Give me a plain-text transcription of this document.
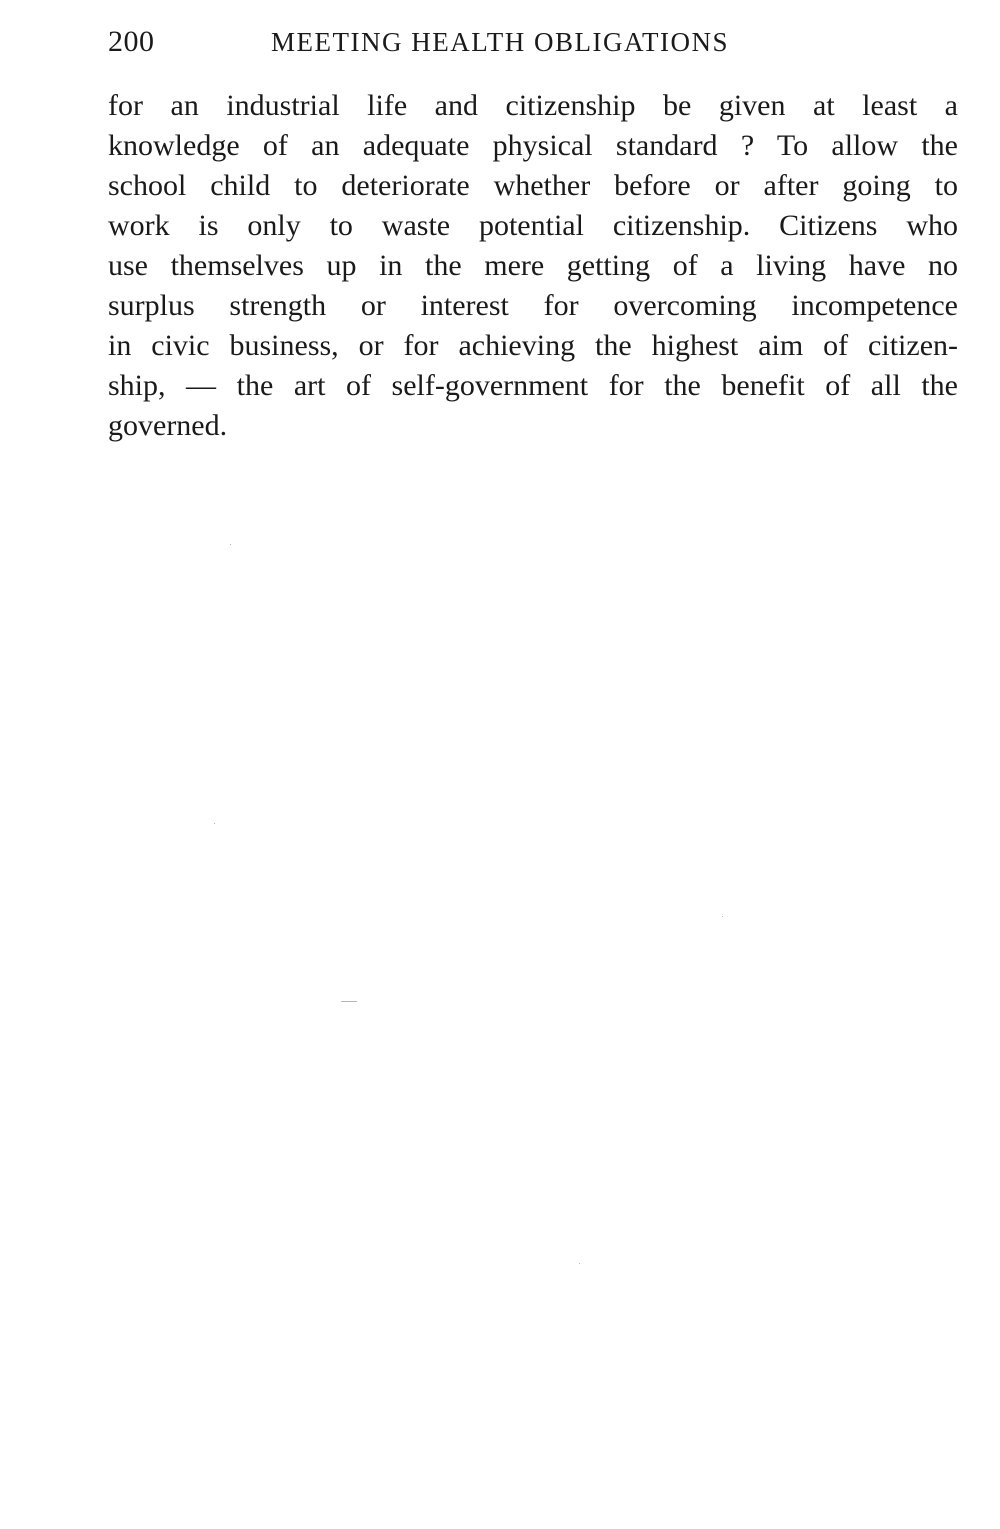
200	MEETING HEALTH OBLIGATIONS
for an industrial life and citizenship be given at least a
knowledge of an adequate physical standard ? To allow the
school child to deteriorate whether before or after going to
work is only to waste potential citizenship. Citizens who
use themselves up in the mere getting of a living have no
surplus strength or interest for overcoming incompetence
in civic business, or for achieving the highest aim of citizen-
ship, — the art of self-government for the benefit of all the
governed.
